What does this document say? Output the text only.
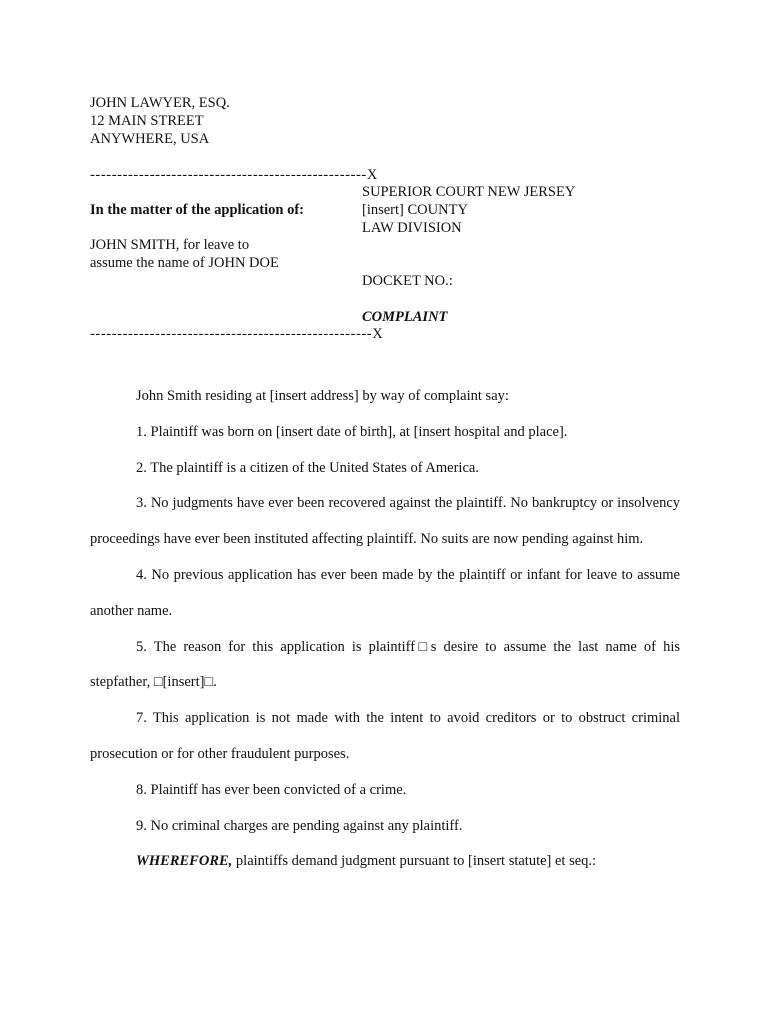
JOHN LAWYER, ESQ.
12 MAIN STREET
ANYWHERE, USA
---------------------------------------------------X
SUPERIOR COURT NEW JERSEY
[insert] COUNTY
LAW DIVISION
In the matter of the application of:
JOHN SMITH, for leave to
assume the name of JOHN DOE
DOCKET NO.:
COMPLAINT
----------------------------------------------------X

John Smith residing at [insert address] by way of complaint say:

1. Plaintiff was born on [insert date of birth], at [insert hospital and place].

2. The plaintiff is a citizen of the United States of America.

3. No judgments have ever been recovered against the plaintiff. No bankruptcy or insolvency proceedings have ever been instituted affecting plaintiff. No suits are now pending against him.

4. No previous application has ever been made by the plaintiff or infant for leave to assume another name.

5. The reason for this application is plaintiff□s desire to assume the last name of his stepfather, □[insert]□.

7. This application is not made with the intent to avoid creditors or to obstruct criminal prosecution or for other fraudulent purposes.

8. Plaintiff has ever been convicted of a crime.

9. No criminal charges are pending against any plaintiff.

WHEREFORE, plaintiffs demand judgment pursuant to [insert statute] et seq.:
